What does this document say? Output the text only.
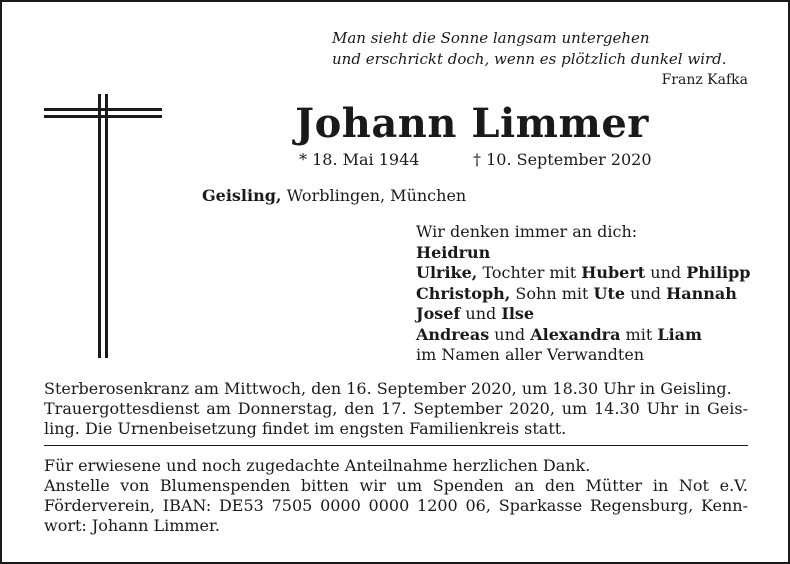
Man sieht die Sonne langsam untergehen
und erschrickt doch, wenn es plötzlich dunkel wird.
Franz Kafka
Johann Limmer
* 18. Mai 1944	† 10. September 2020
Geisling, Worblingen, München
Wir denken immer an dich:
Heidrun
Ulrike, Tochter mit Hubert und Philipp
Christoph, Sohn mit Ute und Hannah
Josef und Ilse
Andreas und Alexandra mit Liam
im Namen aller Verwandten
Sterberosenkranz am Mittwoch, den 16. September 2020, um 18.30 Uhr in Geisling.
Trauergottesdienst am Donnerstag, den 17. September 2020, um 14.30 Uhr in Geis-
ling. Die Urnenbeisetzung findet im engsten Familienkreis statt.
Für erwiesene und noch zugedachte Anteilnahme herzlichen Dank.
Anstelle von Blumenspenden bitten wir um Spenden an den Mütter in Not e.V.
Förderverein, IBAN: DE53 7505 0000 0000 1200 06, Sparkasse Regensburg, Kenn-
wort: Johann Limmer.
